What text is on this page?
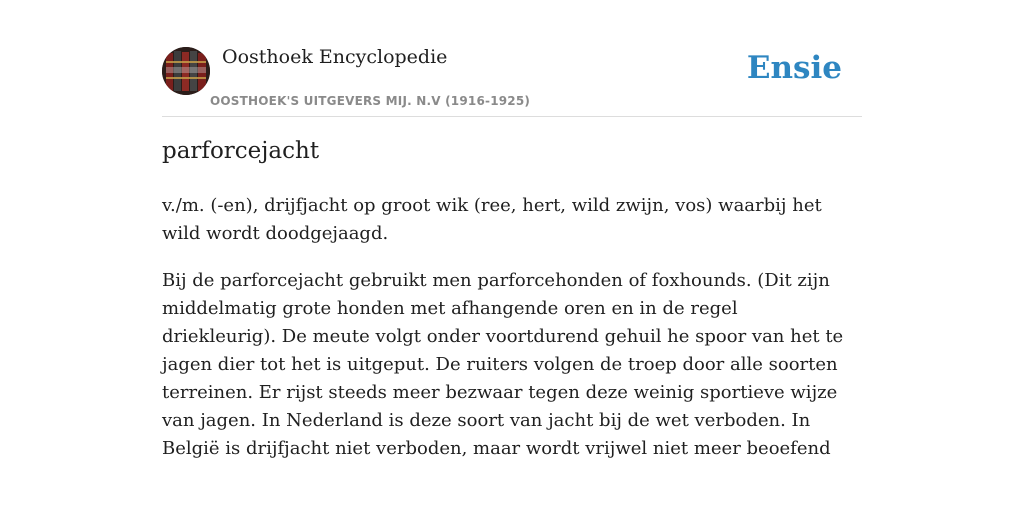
Oosthoek Encyclopedie
OOSTHOEK'S UITGEVERS MIJ. N.V (1916-1925)
Ensie
parforcejacht

v./m. (-en), drijfjacht op groot wik (ree, hert, wild zwijn, vos) waarbij het wild wordt doodgejaagd.

Bij de parforcejacht gebruikt men parforcehonden of foxhounds. (Dit zijn middelmatig grote honden met afhangende oren en in de regel driekleurig). De meute volgt onder voortdurend gehuil he spoor van het te jagen dier tot het is uitgeput. De ruiters volgen de troep door alle soorten terreinen. Er rijst steeds meer bezwaar tegen deze weinig sportieve wijze van jagen. In Nederland is deze soort van jacht bij de wet verboden. In België is drijfjacht niet verboden, maar wordt vrijwel niet meer beoefend
